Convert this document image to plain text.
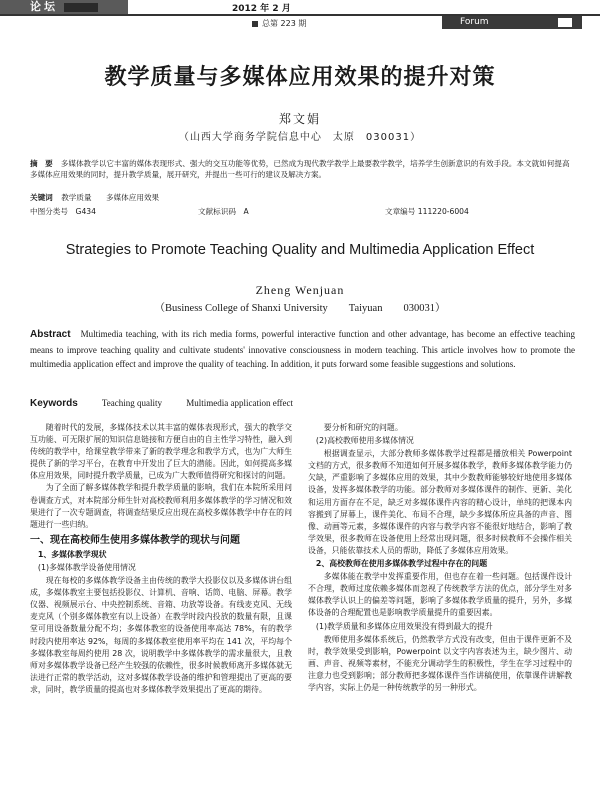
论坛	2012 年 2 月
总第 223 期	Forum
教学质量与多媒体应用效果的提升对策
郑文娟
（山西大学商务学院信息中心　太原　030031）
摘　要 多媒体教学以它丰富的媒体表现形式、强大的交互功能等优势，已然成为现代教学教学上最要教学教学，培养学生创新意识的有效手段。本文就如何提高多媒体应用效果的同时，提升教学质量，展开研究，并提出一些可行的建议及解决方案。
关键词 教学质量 多媒体应用效果
中图分类号　G434	文献标识码　A	文章编号 111220-6004
Strategies to Promote Teaching Quality and Multimedia Application Effect
Zheng Wenjuan
（Business College of Shanxi University　　Taiyuan　　030031）
Abstract Multimedia teaching, with its rich media forms, powerful interactive function and other advantage, has become an effective teaching means to improve teaching quality and cultivate students' innovative consciousness in modern teaching. This article involves how to promote the multimedia application effect and improve the quality of teaching. In addition, it puts forward some feasible suggestions and solutions.
Keywords	Teaching quality	Multimedia application effect

随着时代的发展，多媒体技术以其丰富的媒体表现形式，强大的教学交互功能、可无限扩展的知识信息链接和方便自由的自主性学习特性，融入到传统的教学中，给课堂教学带来了新的教学理念和教学方式，也为广大师生提供了新的学习平台，在教育中开发出了巨大的潜能。因此，如何提高多媒体应用效果，同时提升教学质量，已成为广大教师值得研究和探讨的问题。

为了全面了解多媒体教学和提升教学质量的影响，我们在本院所采用问卷调查方式，对本院部分师生针对高校教师利用多媒体教学的学习情况和效果进行了一次专题调查，将调查结果反应出现在高校多媒体教学中存在的问题进行一些归纳。

一、现在高校师生使用多媒体教学的现状与问题
1、多媒体教学现状
(1)多媒体教学设备使用情况

现在每校的多媒体教学设备主由传统的教学大投影仪以及多媒体讲台组成，多媒体教室主要包括投影仪、计算机、音响、话筒、电脑、屏幕。教学仪器、视频展示台、中央控制系统、音箱、功放等设备。有线麦克风、无线麦克风（个别多媒体教室有以上设备）在教学时段内投放的数量有限，且课堂可用设备数量分配不均；多媒体教室的设备使用率高达 78%，有的教学时段内使用率达 92%，每周的多媒体教室使用率平均在 141 次，平均每个多媒体教室每周约使用 28 次，说明教学中多媒体教学的需求量很大，且教师对多媒体教学设备已经产生较强的依赖性，很多时候教师离开多媒体就无法进行正常的教学活动，这对多媒体教学设备的维护和管理提出了更高的要求，同时，教学质量的提高也对多媒体教学效果提出了更高的期待。

要分析和研究的问题。

(2)高校教师使用多媒体情况

根据调查显示，大部分教师多媒体教学过程都是播放相关 Powerpoint 文档的方式，很多教师不知道如何开展多媒体教学，教师多媒体教学能力仍欠缺，严重影响了多媒体应用的效果，其中少数教师能够较好地使用多媒体设备，发挥多媒体教学的功能。部分教师对多媒体课件的制作、更新、美化和运用方面存在不足，缺乏对多媒体课件内容的精心设计，单纯的把课本内容搬到了屏幕上，课件美化、布局不合理，缺少多媒体所应具备的声音、图像、动画等元素，多媒体课件的内容与教学内容不能很好地结合，影响了教学效果，很多教师在设备使用上经常出现问题，很多时候教师不会操作相关设备，只能依靠技术人员的帮助，降低了多媒体应用效果。

2、高校教师在使用多媒体教学过程中存在的问题

多媒体能在教学中发挥重要作用，但也存在着一些问题。包括课件设计不合理，教师过度依赖多媒体而忽视了传统教学方法的优点，部分学生对多媒体教学认识上的偏差等问题，影响了多媒体教学质量的提升，另外，多媒体设备的合理配置也是影响教学质量提升的重要因素。

(1)教学质量和多媒体应用效果没有得到最大的提升

教师使用多媒体系统后，仍然教学方式没有改变，但由于课件更新不及时，教学效果受到影响，Powerpoint 以文字内容表述为主，缺少图片、动画、声音、视频等素材，不能充分调动学生的积极性，学生在学习过程中的注意力也受到影响；部分教师把多媒体课件当作讲稿使用，依靠课件讲解教学内容，实际上仍是一种传统教学的另一种形式。
